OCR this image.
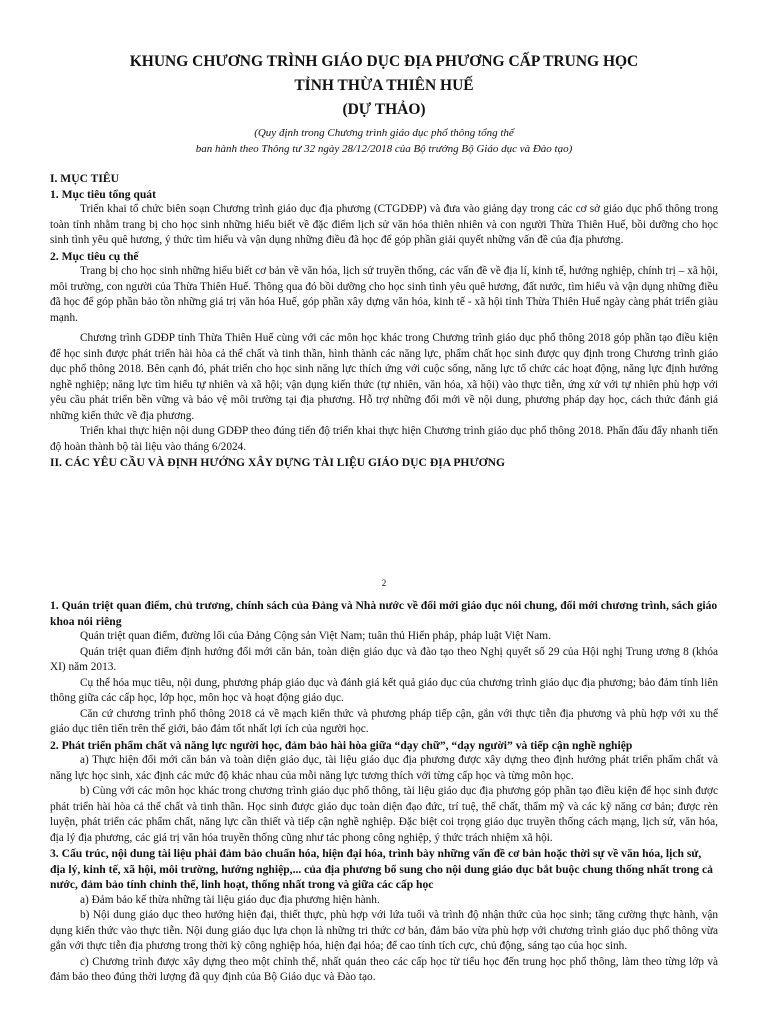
KHUNG CHƯƠNG TRÌNH GIÁO DỤC ĐỊA PHƯƠNG CẤP TRUNG HỌC

TỈNH THỪA THIÊN HUẾ

(DỰ THẢO)

(Quy định trong Chương trình giáo dục phổ thông tổng thể

ban hành theo Thông tư 32 ngày 28/12/2018 của Bộ trưởng Bộ Giáo dục và Đào tạo)

I. MỤC TIÊU
1. Mục tiêu tổng quát

Triển khai tổ chức biên soạn Chương trình giáo dục địa phương (CTGDĐP) và đưa vào giảng dạy trong các cơ sở giáo dục phổ thông trong toàn tỉnh nhằm trang bị cho học sinh những hiểu biết về đặc điểm lịch sử văn hóa thiên nhiên và con người Thừa Thiên Huế, bồi dưỡng cho học sinh tình yêu quê hương, ý thức tìm hiểu và vận dụng những điều đã học để góp phần giải quyết những vấn đề của địa phương.

2. Mục tiêu cụ thể

Trang bị cho học sinh những hiểu biết cơ bản về văn hóa, lịch sử truyền thống, các vấn đề về địa lí, kinh tế, hướng nghiệp, chính trị – xã hội, môi trường, con người của Thừa Thiên Huế. Thông qua đó bồi dưỡng cho học sinh tình yêu quê hương, đất nước, tìm hiểu và vận dụng những điều đã học để góp phần bảo tồn những giá trị văn hóa Huế, góp phần xây dựng văn hóa, kinh tế - xã hội tỉnh Thừa Thiên Huế ngày càng phát triển giàu mạnh.

Chương trình GDĐP tỉnh Thừa Thiên Huế cùng với các môn học khác trong Chương trình giáo dục phổ thông 2018 góp phần tạo điều kiện để học sinh được phát triển hài hòa cả thể chất và tinh thần, hình thành các năng lực, phẩm chất học sinh được quy định trong Chương trình giáo dục phổ thông 2018. Bên cạnh đó, phát triển cho học sinh năng lực thích ứng với cuộc sống, năng lực tổ chức các hoạt động, năng lực định hướng nghề nghiệp; năng lực tìm hiểu tự nhiên và xã hội; vận dụng kiến thức (tự nhiên, văn hóa, xã hội) vào thực tiễn, ứng xử với tự nhiên phù hợp với yêu cầu phát triển bền vững và bảo vệ môi trường tại địa phương. Hỗ trợ những đổi mới về nội dung, phương pháp dạy học, cách thức đánh giá những kiến thức về địa phương.

Triển khai thực hiện nội dung GDĐP theo đúng tiến độ triển khai thực hiện Chương trình giáo dục phổ thông 2018. Phấn đấu đẩy nhanh tiến độ hoàn thành bộ tài liệu vào tháng 6/2024.

II. CÁC YÊU CẦU VÀ ĐỊNH HƯỚNG XÂY DỰNG TÀI LIỆU GIÁO DỤC ĐỊA PHƯƠNG
2
1. Quán triệt quan điểm, chủ trương, chính sách của Đảng và Nhà nước về đổi mới giáo dục nói chung, đổi mới chương trình, sách giáo khoa nói riêng

Quán triệt quan điểm, đường lối của Đảng Cộng sản Việt Nam; tuân thủ Hiến pháp, pháp luật Việt Nam.

Quán triệt quan điểm định hướng đổi mới căn bản, toàn diện giáo dục và đào tạo theo Nghị quyết số 29 của Hội nghị Trung ương 8 (khóa XI) năm 2013.

Cụ thể hóa mục tiêu, nội dung, phương pháp giáo dục và đánh giá kết quả giáo dục của chương trình giáo dục địa phương; bảo đảm tính liên thông giữa các cấp học, lớp học, môn học và hoạt động giáo dục.

Căn cứ chương trình phổ thông 2018 cả về mạch kiến thức và phương pháp tiếp cận, gắn với thực tiễn địa phương và phù hợp với xu thế giáo dục tiên tiến trên thế giới, bảo đảm tốt nhất lợi ích của người học.

2. Phát triển phẩm chất và năng lực người học, đảm bảo hài hòa giữa “dạy chữ”, “dạy người” và tiếp cận nghề nghiệp

a) Thực hiện đổi mới căn bản và toàn diện giáo dục, tài liệu giáo dục địa phương được xây dựng theo định hướng phát triển phẩm chất và năng lực học sinh, xác định các mức độ khác nhau của mỗi năng lực tương thích với từng cấp học và từng môn học.

b) Cùng với các môn học khác trong chương trình giáo dục phổ thông, tài liệu giáo dục địa phương góp phần tạo điều kiện để học sinh được phát triển hài hòa cả thể chất và tinh thần. Học sinh được giáo dục toàn diện đạo đức, trí tuệ, thể chất, thẩm mỹ và các kỹ năng cơ bản; được rèn luyện, phát triển các phẩm chất, năng lực cần thiết và tiếp cận nghề nghiệp. Đặc biệt coi trọng giáo dục truyền thống cách mạng, lịch sử, văn hóa, địa lý địa phương, các giá trị văn hóa truyền thống cũng như tác phong công nghiệp, ý thức trách nhiệm xã hội.

3. Cấu trúc, nội dung tài liệu phải đảm bảo chuẩn hóa, hiện đại hóa, trình bày những vấn đề cơ bản hoặc thời sự về văn hóa, lịch sử, địa lý, kinh tế, xã hội, môi trường, hướng nghiệp,... của địa phương bổ sung cho nội dung giáo dục bắt buộc chung thống nhất trong cả nước, đảm bảo tính chỉnh thể, linh hoạt, thống nhất trong và giữa các cấp học

a) Đảm bảo kế thừa những tài liệu giáo dục địa phương hiện hành.

b) Nội dung giáo dục theo hướng hiện đại, thiết thực, phù hợp với lứa tuổi và trình độ nhận thức của học sinh; tăng cường thực hành, vận dụng kiến thức vào thực tiễn. Nội dung giáo dục lựa chọn là những tri thức cơ bản, đảm bảo vừa phù hợp với chương trình giáo dục phổ thông vừa gắn với thực tiễn địa phương trong thời kỳ công nghiệp hóa, hiện đại hóa; để cao tính tích cực, chủ động, sáng tạo của học sinh.

c) Chương trình được xây dựng theo một chỉnh thể, nhất quán theo các cấp học từ tiểu học đến trung học phổ thông, làm theo từng lớp và đảm bảo theo đúng thời lượng đã quy định của Bộ Giáo dục và Đào tạo.
